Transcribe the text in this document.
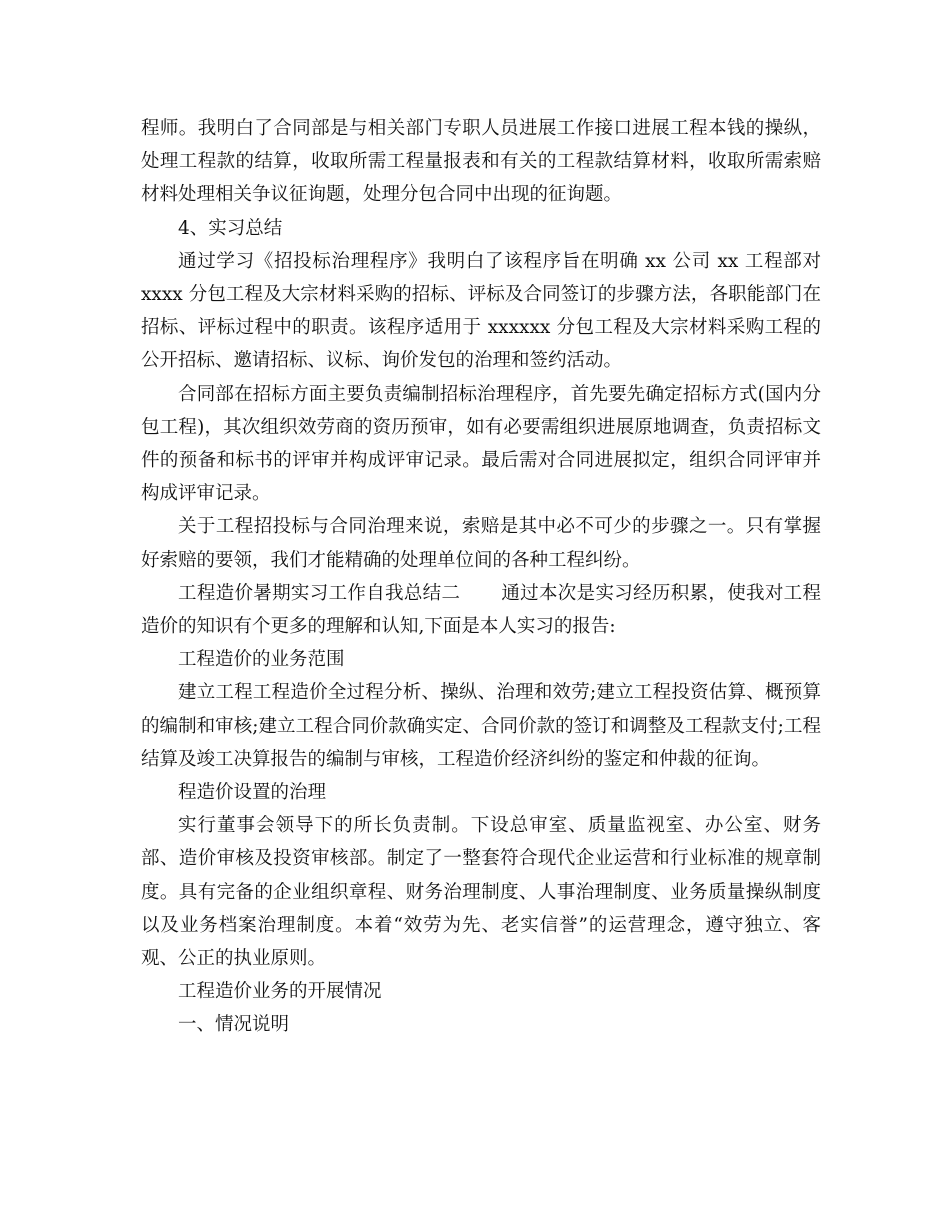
程师。我明白了合同部是与相关部门专职人员进展工作接口进展工程本钱的操纵，处理工程款的结算，收取所需工程量报表和有关的工程款结算材料，收取所需索赔材料处理相关争议征询题，处理分包合同中出现的征询题。

4、实习总结

通过学习《招投标治理程序》我明白了该程序旨在明确 xx 公司 xx 工程部对 xxxx 分包工程及大宗材料采购的招标、评标及合同签订的步骤方法，各职能部门在招标、评标过程中的职责。该程序适用于 xxxxxx 分包工程及大宗材料采购工程的公开招标、邀请招标、议标、询价发包的治理和签约活动。

合同部在招标方面主要负责编制招标治理程序，首先要先确定招标方式(国内分包工程)，其次组织效劳商的资历预审，如有必要需组织进展原地调查，负责招标文件的预备和标书的评审并构成评审记录。最后需对合同进展拟定，组织合同评审并构成评审记录。

关于工程招投标与合同治理来说，索赔是其中必不可少的步骤之一。只有掌握好索赔的要领，我们才能精确的处理单位间的各种工程纠纷。

工程造价暑期实习工作自我总结二 通过本次是实习经历积累，使我对工程造价的知识有个更多的理解和认知,下面是本人实习的报告:

工程造价的业务范围

建立工程工程造价全过程分析、操纵、治理和效劳;建立工程投资估算、概预算的编制和审核;建立工程合同价款确实定、合同价款的签订和调整及工程款支付;工程结算及竣工决算报告的编制与审核，工程造价经济纠纷的鉴定和仲裁的征询。

程造价设置的治理

实行董事会领导下的所长负责制。下设总审室、质量监视室、办公室、财务部、造价审核及投资审核部。制定了一整套符合现代企业运营和行业标准的规章制度。具有完备的企业组织章程、财务治理制度、人事治理制度、业务质量操纵制度以及业务档案治理制度。本着“效劳为先、老实信誉”的运营理念，遵守独立、客观、公正的执业原则。

工程造价业务的开展情况

一、情况说明
